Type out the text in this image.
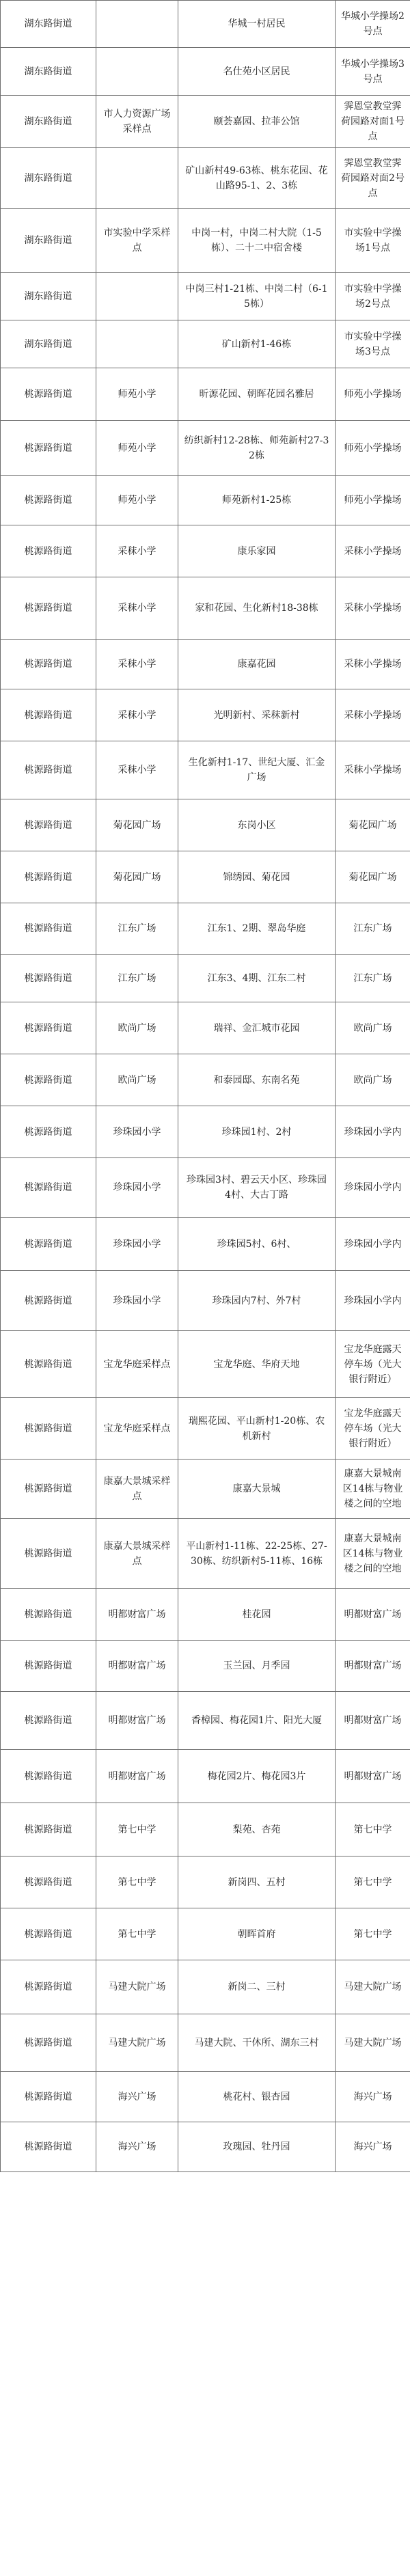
湖东路街道		华城一村居民	华城小学操场2号点
湖东路街道		名仕苑小区居民	华城小学操场3号点
湖东路街道	市人力资源广场采样点	颐荟嘉园、拉菲公馆	霁恩堂教堂霁荷园路对面1号点
湖东路街道		矿山新村49-63栋、桃东花园、花山路95-1、2、3栋	霁恩堂教堂霁荷园路对面2号点
湖东路街道	市实验中学采样点	中岗一村，中岗二村大院（1-5栋）、二十二中宿舍楼	市实验中学操场1号点
湖东路街道		中岗三村1-21栋、中岗二村（6-15栋）	市实验中学操场2号点
湖东路街道		矿山新村1-46栋	市实验中学操场3号点
桃源路街道	师苑小学	昕源花园、朝晖花园名雅居	师苑小学操场
桃源路街道	师苑小学	纺织新村12-28栋、师苑新村27-32栋	师苑小学操场
桃源路街道	师苑小学	师苑新村1-25栋	师苑小学操场
桃源路街道	采秣小学	康乐家园	采秣小学操场
桃源路街道	采秣小学	家和花园、生化新村18-38栋	采秣小学操场
桃源路街道	采秣小学	康嘉花园	采秣小学操场
桃源路街道	采秣小学	光明新村、采秣新村	采秣小学操场
桃源路街道	采秣小学	生化新村1-17、世纪大厦、汇金广场	采秣小学操场
桃源路街道	菊花园广场	东岗小区	菊花园广场
桃源路街道	菊花园广场	锦绣园、菊花园	菊花园广场
桃源路街道	江东广场	江东1、2期、翠岛华庭	江东广场
桃源路街道	江东广场	江东3、4期、江东二村	江东广场
桃源路街道	欧尚广场	瑞祥、金汇城市花园	欧尚广场
桃源路街道	欧尚广场	和泰园邸、东南名苑	欧尚广场
桃源路街道	珍珠园小学	珍珠园1村、2村	珍珠园小学内
桃源路街道	珍珠园小学	珍珠园3村、碧云天小区、珍珠园4村、大古丁路	珍珠园小学内
桃源路街道	珍珠园小学	珍珠园5村、6村、	珍珠园小学内
桃源路街道	珍珠园小学	珍珠园内7村、外7村	珍珠园小学内
桃源路街道	宝龙华庭采样点	宝龙华庭、华府天地	宝龙华庭露天停车场（光大银行附近）
桃源路街道	宝龙华庭采样点	瑞熙花园、平山新村1-20栋、农机新村	宝龙华庭露天停车场（光大银行附近）
桃源路街道	康嘉大景城采样点	康嘉大景城	康嘉大景城南区14栋与物业楼之间的空地
桃源路街道	康嘉大景城采样点	平山新村1-11栋、22-25栋、27-30栋、纺织新村5-11栋、16栋	康嘉大景城南区14栋与物业楼之间的空地
桃源路街道	明都财富广场	桂花园	明都财富广场
桃源路街道	明都财富广场	玉兰园、月季园	明都财富广场
桃源路街道	明都财富广场	香樟园、梅花园1片、阳光大厦	明都财富广场
桃源路街道	明都财富广场	梅花园2片、梅花园3片	明都财富广场
桃源路街道	第七中学	梨苑、杏苑	第七中学
桃源路街道	第七中学	新岗四、五村	第七中学
桃源路街道	第七中学	朝晖首府	第七中学
桃源路街道	马建大院广场	新岗二、三村	马建大院广场
桃源路街道	马建大院广场	马建大院、干休所、湖东三村	马建大院广场
桃源路街道	海兴广场	桃花村、银杏园	海兴广场
桃源路街道	海兴广场	玫瑰园、牡丹园	海兴广场
